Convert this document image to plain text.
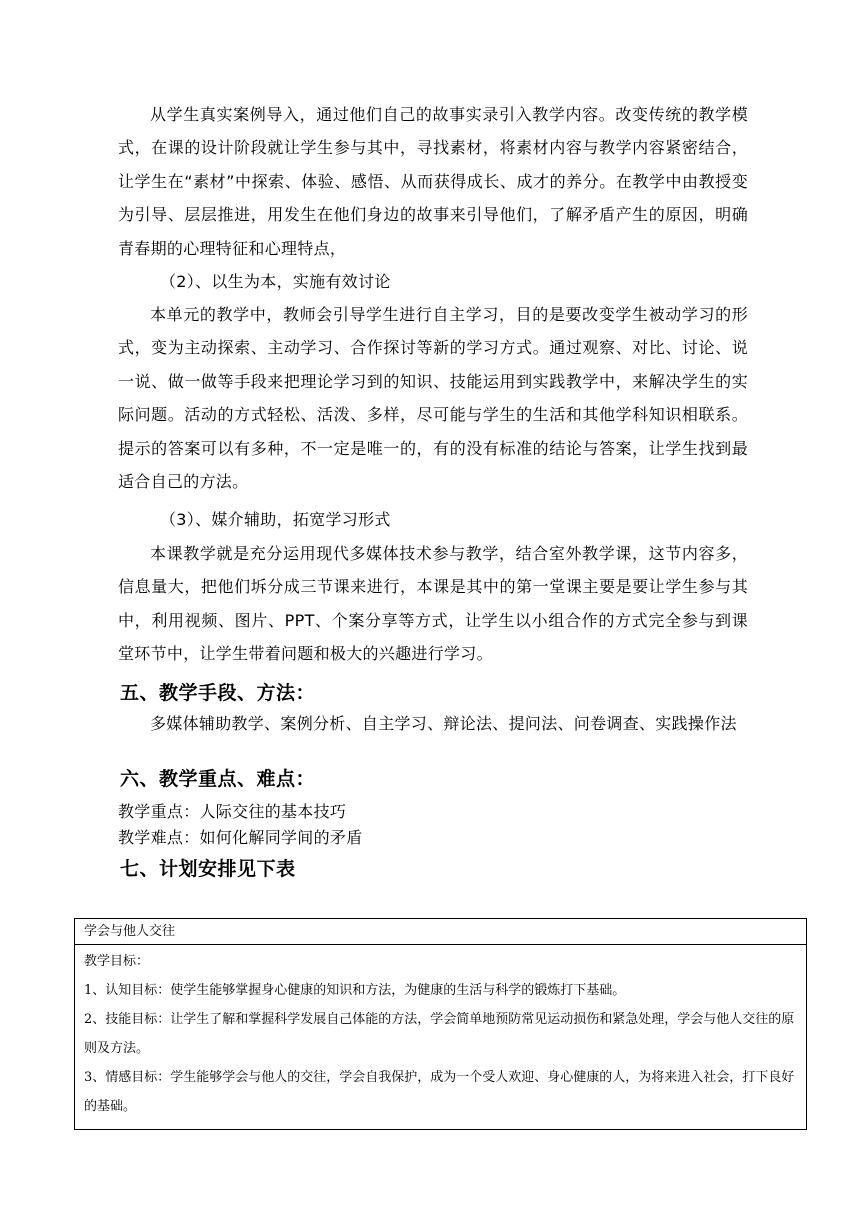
从学生真实案例导入，通过他们自己的故事实录引入教学内容。改变传统的教学模式，在课的设计阶段就让学生参与其中，寻找素材，将素材内容与教学内容紧密结合，让学生在“素材”中探索、体验、感悟、从而获得成长、成才的养分。在教学中由教授变为引导、层层推进，用发生在他们身边的故事来引导他们，了解矛盾产生的原因，明确青春期的心理特征和心理特点，

（2）、以生为本，实施有效讨论

本单元的教学中，教师会引导学生进行自主学习，目的是要改变学生被动学习的形式，变为主动探索、主动学习、合作探讨等新的学习方式。通过观察、对比、讨论、说一说、做一做等手段来把理论学习到的知识、技能运用到实践教学中，来解决学生的实际问题。活动的方式轻松、活泼、多样，尽可能与学生的生活和其他学科知识相联系。提示的答案可以有多种，不一定是唯一的，有的没有标准的结论与答案，让学生找到最适合自己的方法。

（3）、媒介辅助，拓宽学习形式

本课教学就是充分运用现代多媒体技术参与教学，结合室外教学课，这节内容多，信息量大，把他们坼分成三节课来进行，本课是其中的第一堂课主要是要让学生参与其中，利用视频、图片、PPT、个案分享等方式，让学生以小组合作的方式完全参与到课堂环节中，让学生带着问题和极大的兴趣进行学习。

五、教学手段、方法：

多媒体辅助教学、案例分析、自主学习、辩论法、提问法、问卷调查、实践操作法

六、教学重点、难点：

教学重点：人际交往的基本技巧

教学难点：如何化解同学间的矛盾

七、计划安排见下表
学会与他人交往

教学目标：
1、认知目标：使学生能够掌握身心健康的知识和方法，为健康的生活与科学的锻炼打下基础。
2、技能目标：让学生了解和掌握科学发展自己体能的方法，学会简单地预防常见运动损伤和紧急处理，学会与他人交往的原则及方法。
3、情感目标：学生能够学会与他人的交往，学会自我保护，成为一个受人欢迎、身心健康的人，为将来进入社会，打下良好的基础。
